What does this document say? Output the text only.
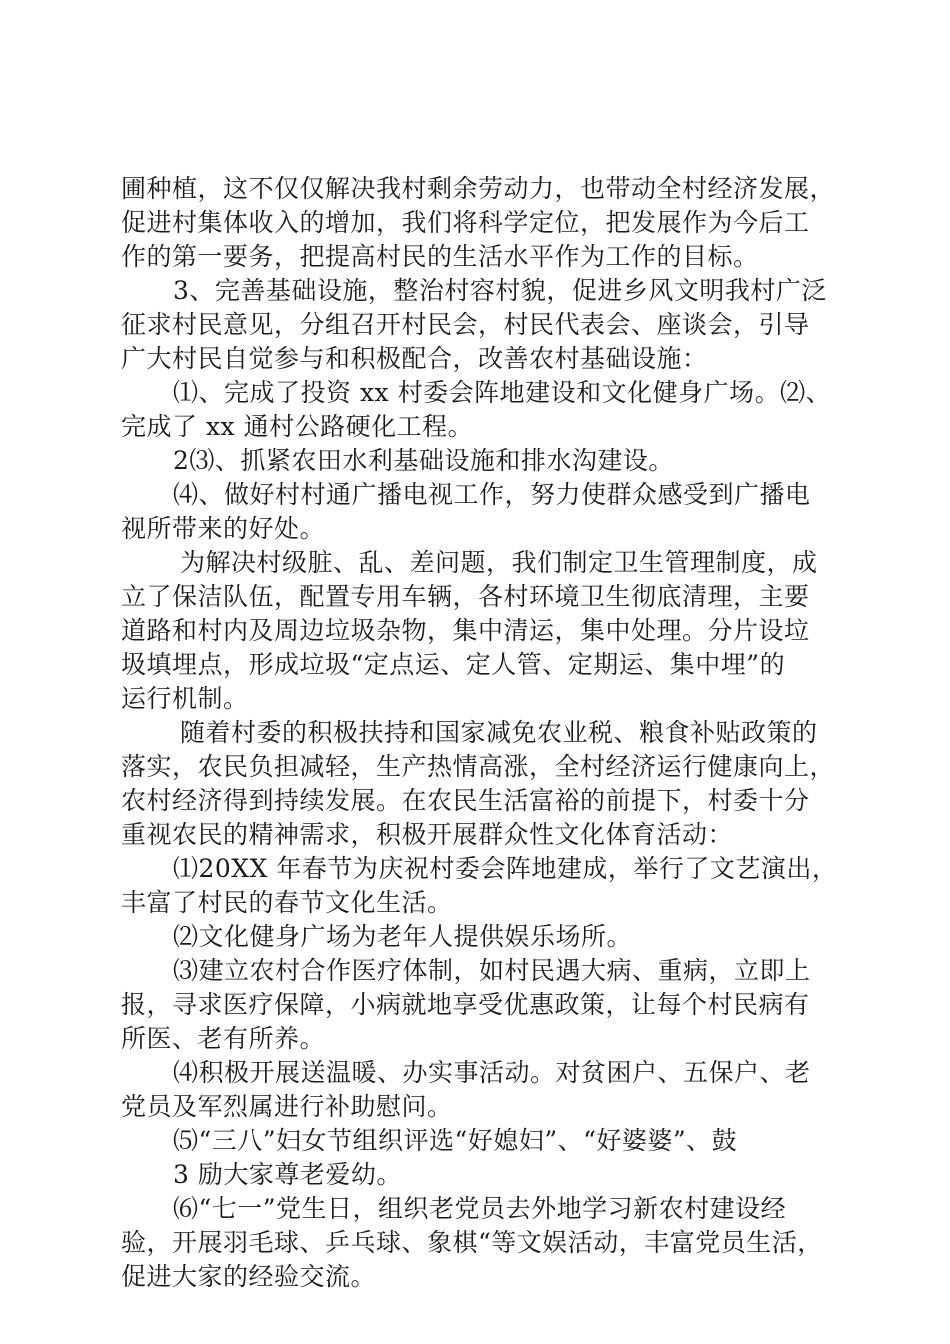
圃种植，这不仅仅解决我村剩余劳动力，也带动全村经济发展，
促进村集体收入的增加，我们将科学定位，把发展作为今后工
作的第一要务，把提高村民的生活水平作为工作的目标。
3、完善基础设施，整治村容村貌，促进乡风文明我村广泛
征求村民意见，分组召开村民会，村民代表会、座谈会，引导
广大村民自觉参与和积极配合，改善农村基础设施：
⑴、完成了投资 xx 村委会阵地建设和文化健身广场。⑵、
完成了 xx 通村公路硬化工程。
2⑶、抓紧农田水利基础设施和排水沟建设。
⑷、做好村村通广播电视工作，努力使群众感受到广播电
视所带来的好处。
为解决村级脏、乱、差问题，我们制定卫生管理制度，成
立了保洁队伍，配置专用车辆，各村环境卫生彻底清理，主要
道路和村内及周边垃圾杂物，集中清运，集中处理。分片设垃
圾填埋点，形成垃圾“定点运、定人管、定期运、集中埋”的
运行机制。
随着村委的积极扶持和国家减免农业税、粮食补贴政策的
落实，农民负担减轻，生产热情高涨，全村经济运行健康向上，
农村经济得到持续发展。在农民生活富裕的前提下，村委十分
重视农民的精神需求，积极开展群众性文化体育活动：
⑴20XX 年春节为庆祝村委会阵地建成，举行了文艺演出，
丰富了村民的春节文化生活。
⑵文化健身广场为老年人提供娱乐场所。
⑶建立农村合作医疗体制，如村民遇大病、重病，立即上
报，寻求医疗保障，小病就地享受优惠政策，让每个村民病有
所医、老有所养。
⑷积极开展送温暖、办实事活动。对贫困户、五保户、老
党员及军烈属进行补助慰问。
⑸“三八”妇女节组织评选“好媳妇”、“好婆婆”、鼓
3 励大家尊老爱幼。
⑹“七一”党生日，组织老党员去外地学习新农村建设经
验，开展羽毛球、乒乓球、象棋“等文娱活动，丰富党员生活，
促进大家的经验交流。
